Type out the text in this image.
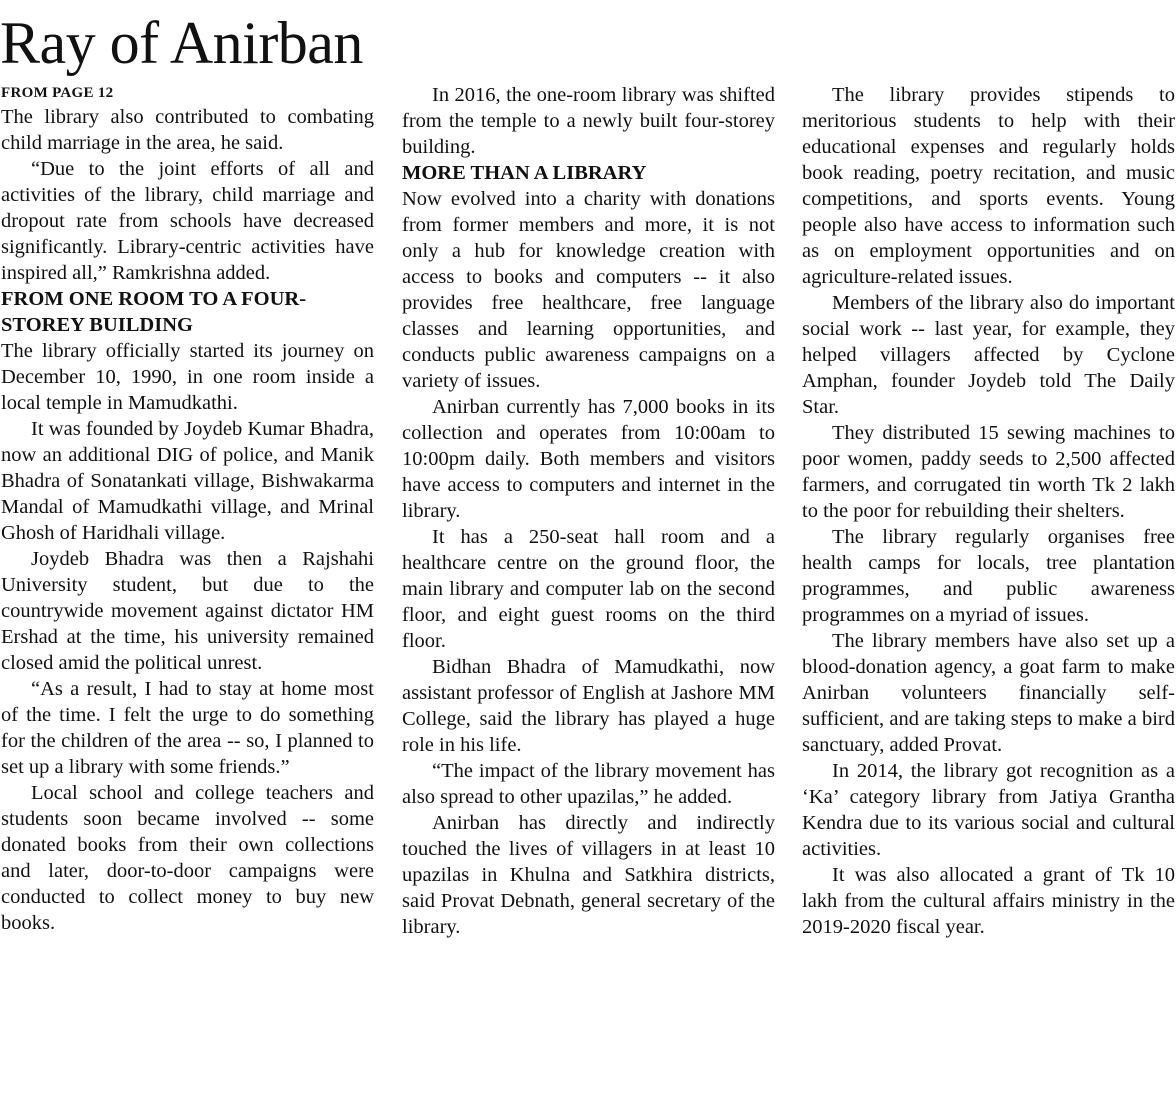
Ray of Anirban
FROM PAGE 12

The library also contributed to combating child marriage in the area, he said.

“Due to the joint efforts of all and activities of the library, child marriage and dropout rate from schools have decreased significantly. Library-centric activities have inspired all,” Ramkrishna added.

FROM ONE ROOM TO A FOUR-STOREY BUILDING

The library officially started its journey on December 10, 1990, in one room inside a local temple in Mamudkathi.

It was founded by Joydeb Kumar Bhadra, now an additional DIG of police, and Manik Bhadra of Sonatankati village, Bishwakarma Mandal of Mamudkathi village, and Mrinal Ghosh of Haridhali village.

Joydeb Bhadra was then a Rajshahi University student, but due to the countrywide movement against dictator HM Ershad at the time, his university remained closed amid the political unrest.

“As a result, I had to stay at home most of the time. I felt the urge to do something for the children of the area -- so, I planned to set up a library with some friends.”

Local school and college teachers and students soon became involved -- some donated books from their own collections and later, door-to-door campaigns were conducted to collect money to buy new books.

In 2016, the one-room library was shifted from the temple to a newly built four-storey building.

MORE THAN A LIBRARY

Now evolved into a charity with donations from former members and more, it is not only a hub for knowledge creation with access to books and computers -- it also provides free healthcare, free language classes and learning opportunities, and conducts public awareness campaigns on a variety of issues.

Anirban currently has 7,000 books in its collection and operates from 10:00am to 10:00pm daily. Both members and visitors have access to computers and internet in the library.

It has a 250-seat hall room and a healthcare centre on the ground floor, the main library and computer lab on the second floor, and eight guest rooms on the third floor.

Bidhan Bhadra of Mamudkathi, now assistant professor of English at Jashore MM College, said the library has played a huge role in his life.

“The impact of the library movement has also spread to other upazilas,” he added.

Anirban has directly and indirectly touched the lives of villagers in at least 10 upazilas in Khulna and Satkhira districts, said Provat Debnath, general secretary of the library.

The library provides stipends to meritorious students to help with their educational expenses and regularly holds book reading, poetry recitation, and music competitions, and sports events. Young people also have access to information such as on employment opportunities and on agriculture-related issues.

Members of the library also do important social work -- last year, for example, they helped villagers affected by Cyclone Amphan, founder Joydeb told The Daily Star.

They distributed 15 sewing machines to poor women, paddy seeds to 2,500 affected farmers, and corrugated tin worth Tk 2 lakh to the poor for rebuilding their shelters.

The library regularly organises free health camps for locals, tree plantation programmes, and public awareness programmes on a myriad of issues.

The library members have also set up a blood-donation agency, a goat farm to make Anirban volunteers financially self-sufficient, and are taking steps to make a bird sanctuary, added Provat.

In 2014, the library got recognition as a ‘Ka’ category library from Jatiya Grantha Kendra due to its various social and cultural activities.

It was also allocated a grant of Tk 10 lakh from the cultural affairs ministry in the 2019-2020 fiscal year.
